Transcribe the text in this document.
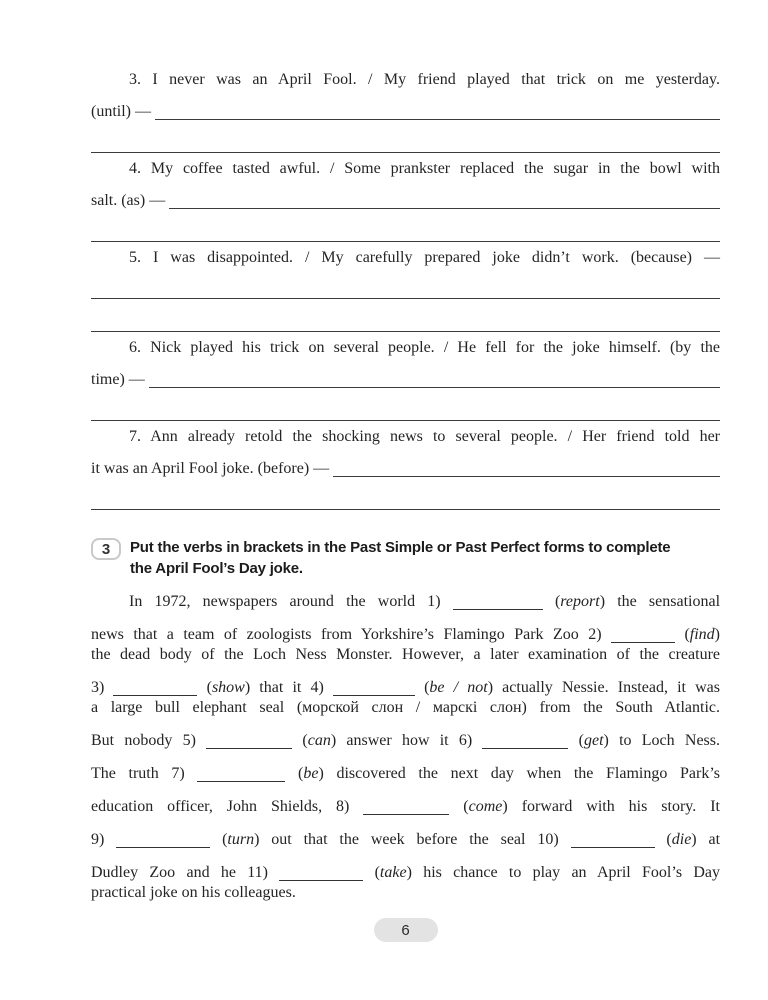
3. I never was an April Fool. / My friend played that trick on me yesterday.
(until) —
4. My coffee tasted awful. / Some prankster replaced the sugar in the bowl with
salt. (as) —
5. I was disappointed. / My carefully prepared joke didn’t work. (because) —
6. Nick played his trick on several people. / He fell for the joke himself. (by the
time) —
7. Ann already retold the shocking news to several people. / Her friend told her
it was an April Fool joke. (before) —
3	Put the verbs in brackets in the Past Simple or Past Perfect forms to complete
the April Fool’s Day joke.
In 1972, newspapers around the world 1)	(report) the sensational
news that a team of zoologists from Yorkshire’s Flamingo Park Zoo 2)	(find)
the dead body of the Loch Ness Monster. However, a later examination of the creature
3)	(show) that it 4)	(be / not) actually Nessie. Instead, it was
a large bull elephant seal (морской слон / марскі слон) from the South Atlantic.
But nobody 5)	(can) answer how it 6)	(get) to Loch Ness.
The truth 7)	(be) discovered the next day when the Flamingo Park’s
education officer, John Shields, 8)	(come) forward with his story. It
9)	(turn) out that the week before the seal 10)	(die) at
Dudley Zoo and he 11)	(take) his chance to play an April Fool’s Day
practical joke on his colleagues.
6
